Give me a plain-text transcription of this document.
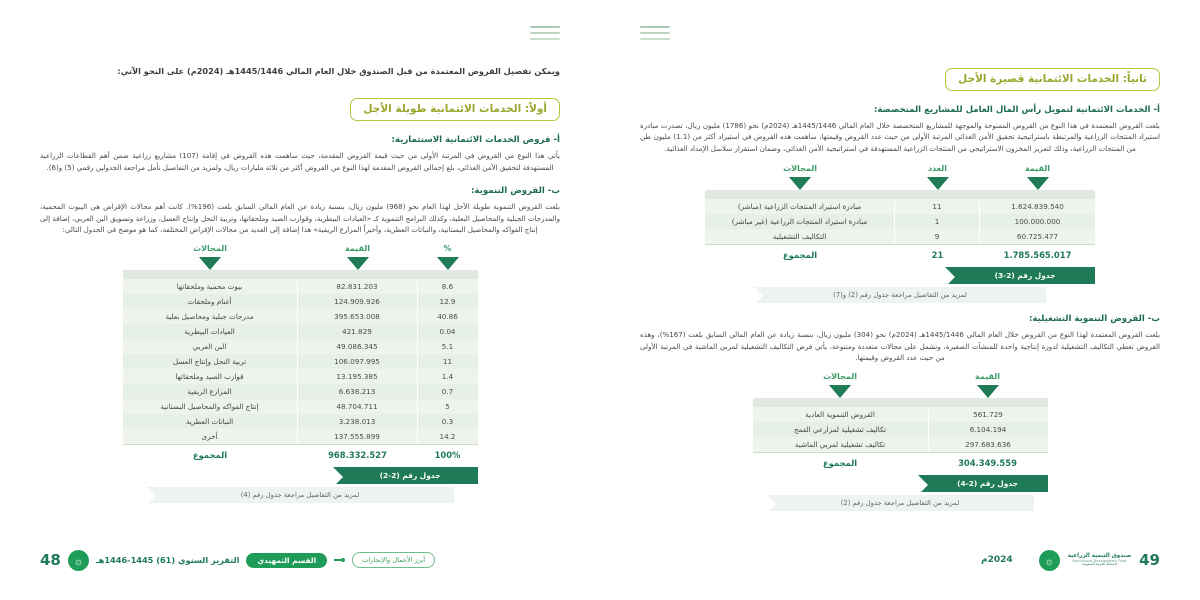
ثانياً: الخدمات الائتمانية قصيرة الأجل
أ- الخدمات الائتمانية لتمويل رأس المال العامل للمشاريع المتخصصة:

بلغت القروض المعتمدة في هذا النوع من القروض الممنوحة والموجهة للمشاريع المتخصصة خلال العام المالي 1445/1446هـ (2024م) نحو (1786) مليون ريال، تصدرت مبادرة استيراد المنتجات الزراعية والمرتبطة باستراتيجية تحقيق الأمن الغذائي المرتبة الأولى من حيث عدد القروض وقيمتها، ساهمت هذه القروض في استيراد أكثر من (1.1) مليون طن من المنتجات الزراعية، وذلك لتعزيز المخزون الاستراتيجي من المنتجات الزراعية المستهدفة في استراتيجية الأمن الغذائي، وضمان استقرار سلاسل الإمداد الغذائية.

القيمة
العدد
المجالات
1.624.839.540
11
مبادرة استيراد المنتجات الزراعية (مباشر)
100.000.000
1
مبادرة استيراد المنتجات الزراعية (غير مباشر)
60.725.477
9
التكاليف التشغيلية
1.785.565.017
21
المجموع
جدول رقم (2-3)
لمزيد من التفاصيل مراجعة جدول رقم (2) و(7)
ب- القروض التنموية التشغيلية:

بلغت القروض المعتمدة لهذا النوع من القروض خلال العام المالي 1445/1446هـ (2024م) نحو (304) مليون ريال، بنسبة زيادة عن العام المالي السابق بلغت (167%)، وهذه القروض تغطي التكاليف التشغيلية لدورة إنتاجية واحدة للمنشآت الصغيرة، وتشمل على مجالات متعددة ومتنوعة، يأتي فرض التكاليف التشغيلية لمربي الماشية في المرتبة الأولى من حيث عدد القروض وقيمتها.

القيمة
المجالات
561.729
القروض التنموية العادية
6.104.194
تكاليف تشغيلية لمزارعي القمح
297.683.636
تكاليف تشغيلية لمربي الماشية
304.349.559
المجموع
جدول رقم (2-4)
لمزيد من التفاصيل مراجعة جدول رقم (2)
49
صندوق التنمية الزراعية
Agricultural Development Fund
المملكة العربية السعودية
۞
2024م

ويمكن تفصيل القروض المعتمدة من قبل الصندوق خلال العام المالي 1445/1446هـ (2024م) على النحو الآتي:

أولاً: الخدمات الائتمانية طويلة الأجل
أ- قروض الخدمات الائتمانية الاستثمارية:

يأتي هذا النوع من القروض في المرتبة الأولى من حيث قيمة القروض المقدمة، حيث ساهمت هذه القروض في إقامة (107) مشاريع زراعية ضمن أهم القطاعات الزراعية المستهدفة لتحقيق الأمن الغذائي، بلغ إجمالي القروض المقدمة لهذا النوع من القروض أكثر من ثلاثة مليارات ريال، ولمزيد من التفاصيل نأمل مراجعة الجدولين رقمي (5) و(6).

ب- القروض التنموية:

بلغت القروض التنموية طويلة الأجل لهذا العام نحو (968) مليون ريال، بنسبة زيادة عن العام المالي السابق بلغت (196%). كانت أهم مجالات الإقراض هي البيوت المحمية، والمدرجات الجبلية والمحاصيل البعلية، وكذلك البرامج التنموية كـ «العيادات البيطرية، وقوارب الصيد وملحقاتها، وتربية النحل وإنتاج العسل، وزراعة وتسويق البن العربي، إضافة إلى إنتاج الفواكه والمحاصيل البستانية، والنباتات العطرية، وأخيراً المزارع الريفية» هذا إضافة إلى العديد من مجالات الإقراض المختلفة، كما هو موضح في الجدول التالي:

%
القيمة
المجالات
8.6
82.831.203
بيوت محمية وملحقاتها
12.9
124.909.926
أغنام وملحقات
40.86
395.653.008
مدرجات جبلية ومحاصيل بعلية
0.04
421.829
العيادات البيطرية
5.1
49.086.345
البن العربي
11
106.097.995
تربية النحل وإنتاج العسل
1.4
13.195.385
قوارب الصيد وملحقاتها
0.7
6.638.213
المزارع الريفية
5
48.704.711
إنتاج الفواكه والمحاصيل البستانية
0.3
3.238.013
النباتات العطرية
14.2
137.555.899
أخرى
100%
968.332.527
المجموع
جدول رقم (2-2)
لمزيد من التفاصيل مراجعة جدول رقم (4)
أبرز الأعمال والإنجازات
القسم التمهيدي
التقرير السنوي (61) 1445-1446هـ
۞
48
